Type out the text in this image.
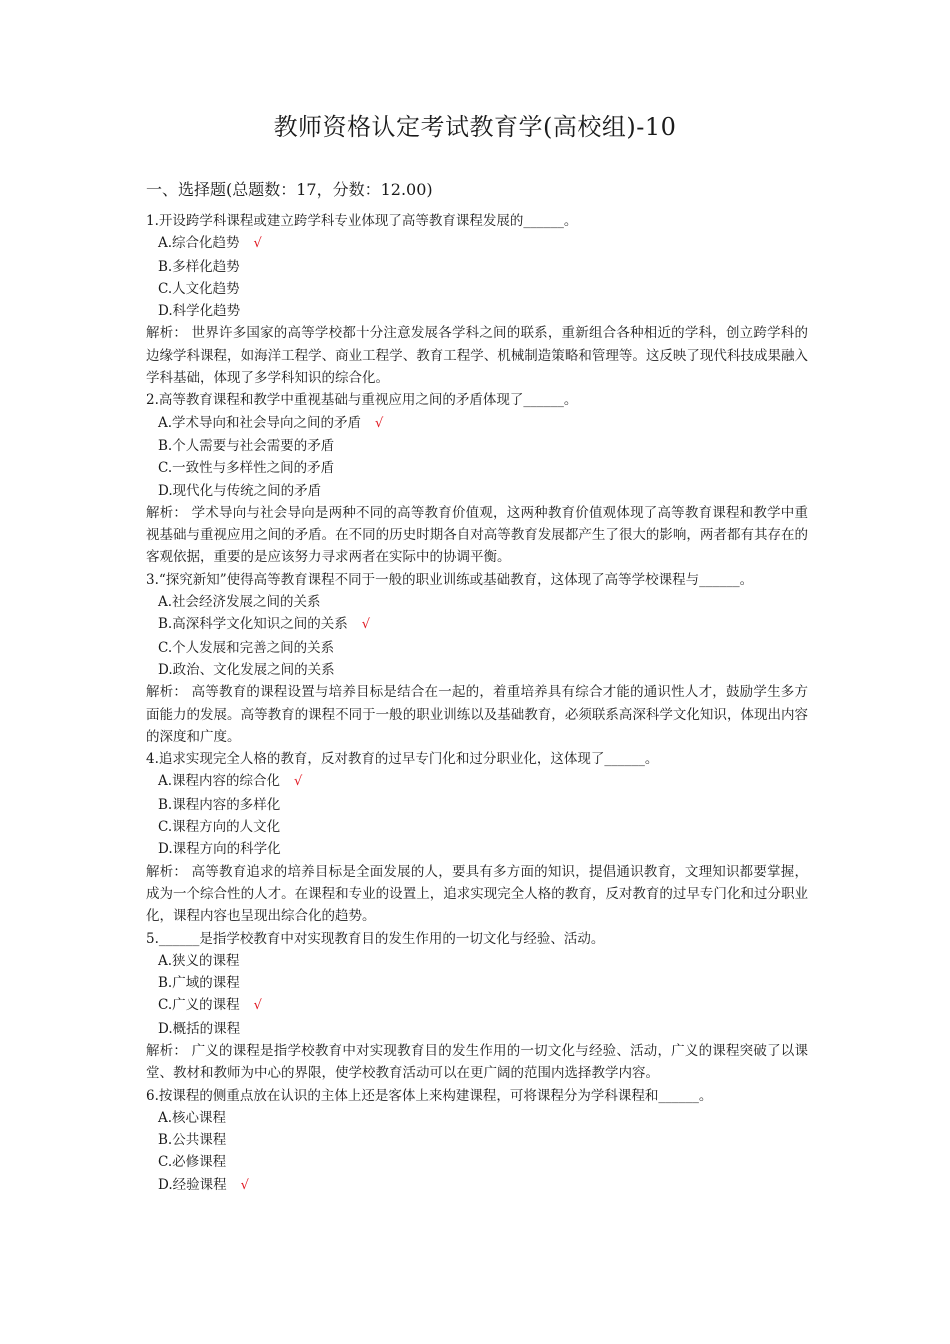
教师资格认定考试教育学(高校组)-10
一、选择题(总题数：17，分数：12.00)
1.开设跨学科课程或建立跨学科专业体现了高等教育课程发展的______。
A.综合化趋势 √
B.多样化趋势
C.人文化趋势
D.科学化趋势
解析： 世界许多国家的高等学校都十分注意发展各学科之间的联系，重新组合各种相近的学科，创立跨学科的边缘学科课程，如海洋工程学、商业工程学、教育工程学、机械制造策略和管理等。这反映了现代科技成果融入学科基础，体现了多学科知识的综合化。
2.高等教育课程和教学中重视基础与重视应用之间的矛盾体现了______。
A.学术导向和社会导向之间的矛盾 √
B.个人需要与社会需要的矛盾
C.一致性与多样性之间的矛盾
D.现代化与传统之间的矛盾
解析： 学术导向与社会导向是两种不同的高等教育价值观，这两种教育价值观体现了高等教育课程和教学中重视基础与重视应用之间的矛盾。在不同的历史时期各自对高等教育发展都产生了很大的影响，两者都有其存在的客观依据，重要的是应该努力寻求两者在实际中的协调平衡。
3.“探究新知”使得高等教育课程不同于一般的职业训练或基础教育，这体现了高等学校课程与______。
A.社会经济发展之间的关系
B.高深科学文化知识之间的关系 √
C.个人发展和完善之间的关系
D.政治、文化发展之间的关系
解析： 高等教育的课程设置与培养目标是结合在一起的，着重培养具有综合才能的通识性人才，鼓励学生多方面能力的发展。高等教育的课程不同于一般的职业训练以及基础教育，必须联系高深科学文化知识，体现出内容的深度和广度。
4.追求实现完全人格的教育，反对教育的过早专门化和过分职业化，这体现了______。
A.课程内容的综合化 √
B.课程内容的多样化
C.课程方向的人文化
D.课程方向的科学化
解析： 高等教育追求的培养目标是全面发展的人，要具有多方面的知识，提倡通识教育，文理知识都要掌握，成为一个综合性的人才。在课程和专业的设置上，追求实现完全人格的教育，反对教育的过早专门化和过分职业化，课程内容也呈现出综合化的趋势。
5.______是指学校教育中对实现教育目的发生作用的一切文化与经验、活动。
A.狭义的课程
B.广域的课程
C.广义的课程 √
D.概括的课程
解析： 广义的课程是指学校教育中对实现教育目的发生作用的一切文化与经验、活动，广义的课程突破了以课堂、教材和教师为中心的界限，使学校教育活动可以在更广阔的范围内选择教学内容。
6.按课程的侧重点放在认识的主体上还是客体上来构建课程，可将课程分为学科课程和______。
A.核心课程
B.公共课程
C.必修课程
D.经验课程 √
